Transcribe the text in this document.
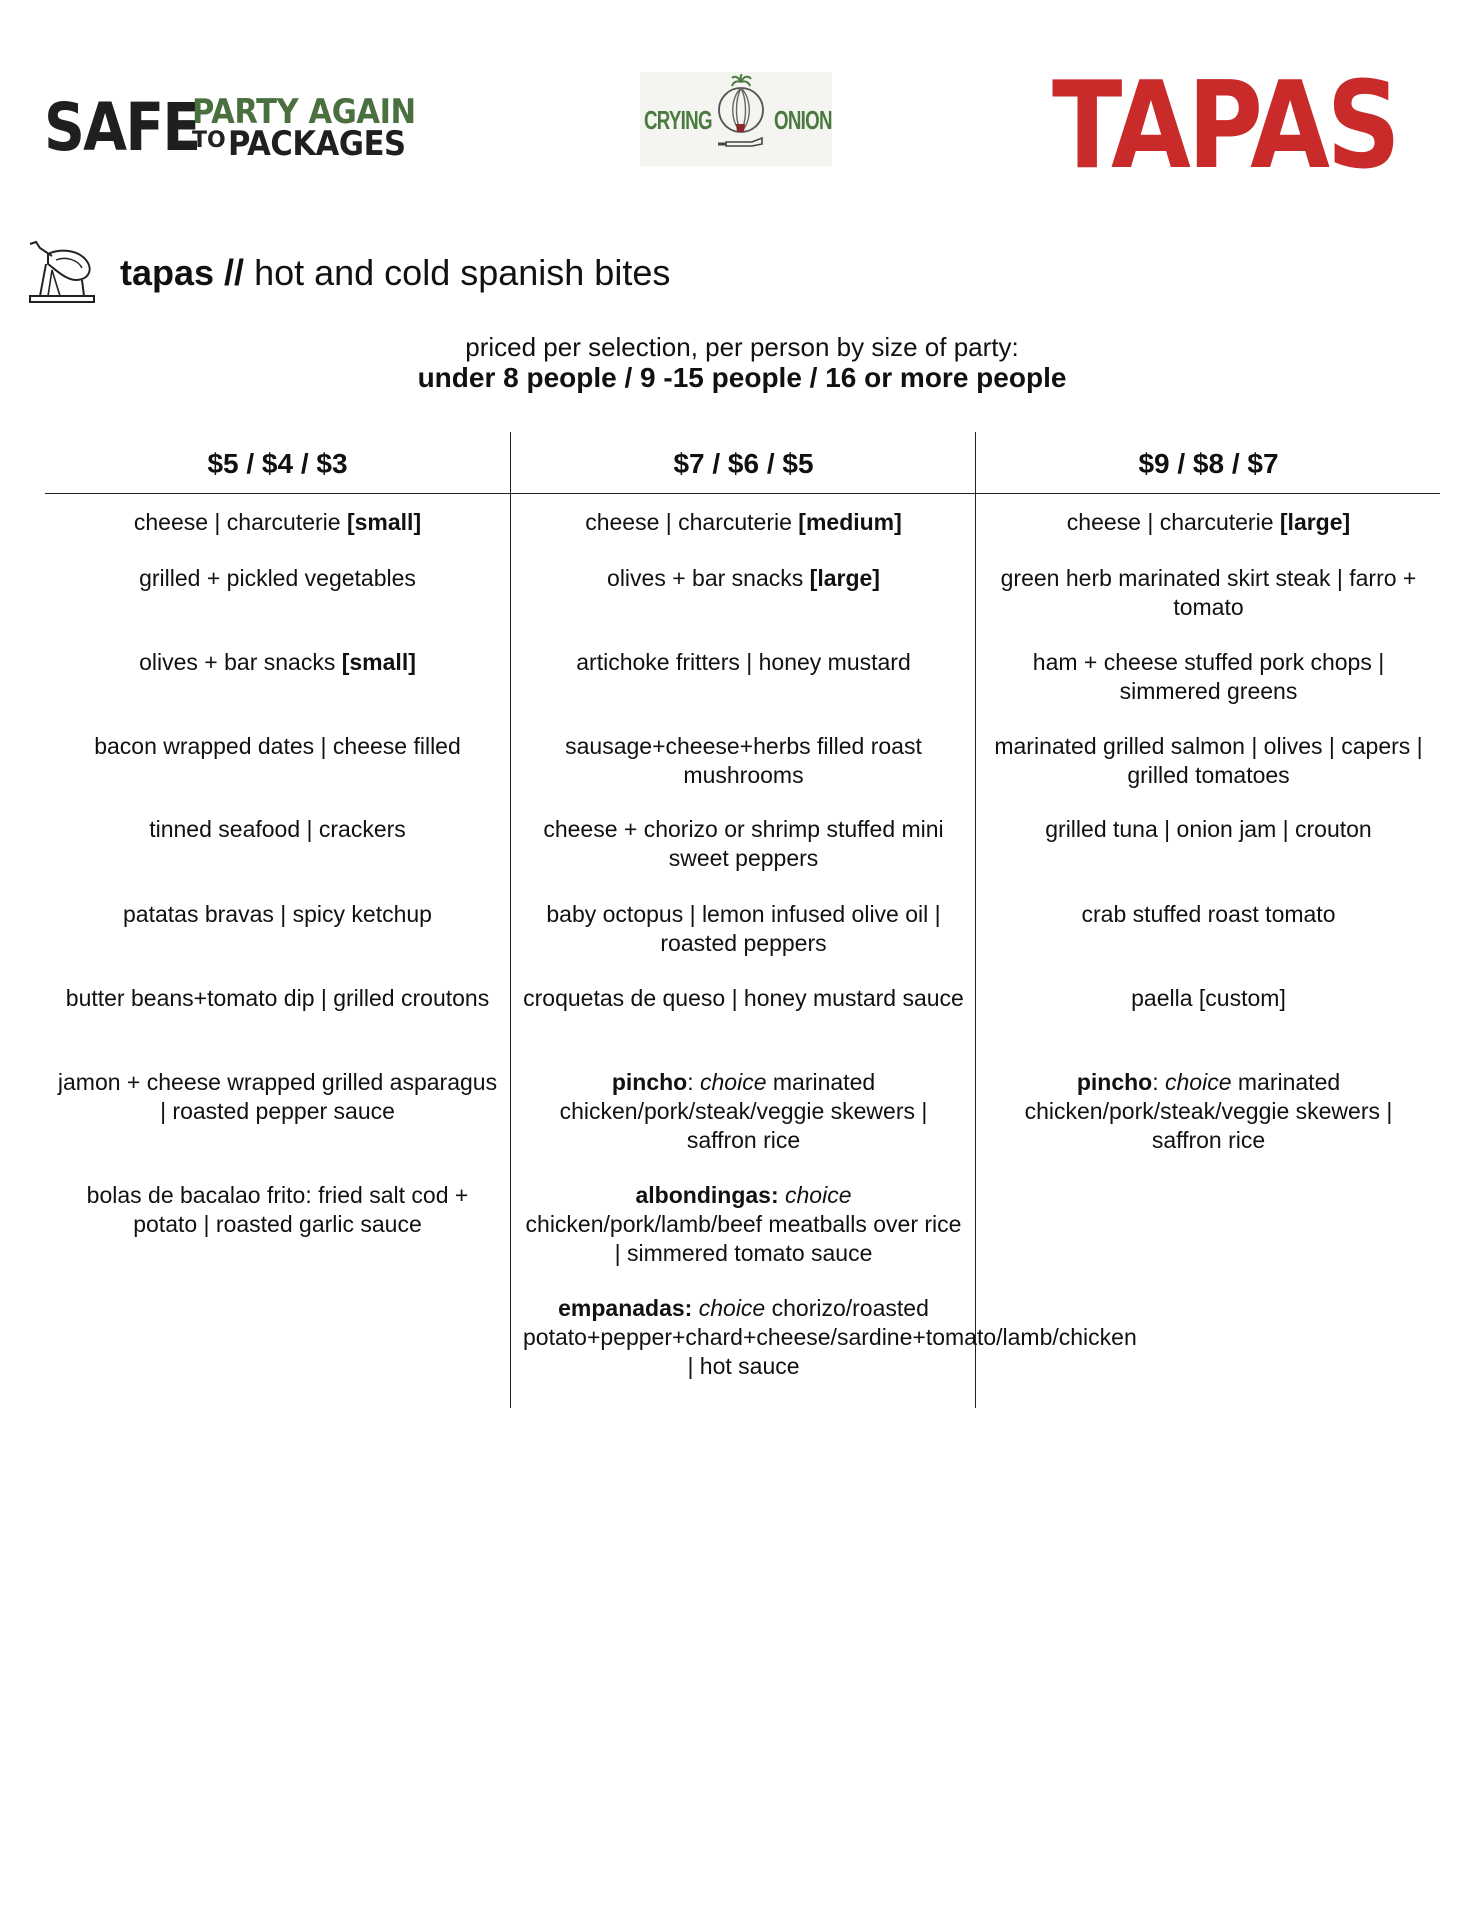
SAFE
PARTY AGAIN
TO PACKAGES
CRYING ONION TAPAS
tapas // hot and cold spanish bites
priced per selection, per person by size of party:
under 8 people / 9 -15 people / 16 or more people
$5 / $4 / $3
cheese | charcuterie [small]
grilled + pickled vegetables
olives + bar snacks [small]
bacon wrapped dates | cheese filled
tinned seafood | crackers
patatas bravas | spicy ketchup
butter beans+tomato dip | grilled croutons
jamon + cheese wrapped grilled asparagus | roasted pepper sauce
bolas de bacalao frito: fried salt cod + potato | roasted garlic sauce
$7 / $6 / $5
cheese | charcuterie [medium]
olives + bar snacks [large]
artichoke fritters | honey mustard
sausage+cheese+herbs filled roast mushrooms
cheese + chorizo or shrimp stuffed mini sweet peppers
baby octopus | lemon infused olive oil | roasted peppers
croquetas de queso | honey mustard sauce
pincho: choice marinated chicken/pork/steak/veggie skewers | saffron rice
albondingas: choice chicken/pork/lamb/beef meatballs over rice | simmered tomato sauce
empanadas: choice chorizo/roasted potato+pepper+chard+cheese/sardine+tomato/lamb/chicken | hot sauce
$9 / $8 / $7
cheese | charcuterie [large]
green herb marinated skirt steak | farro + tomato
ham + cheese stuffed pork chops | simmered greens
marinated grilled salmon | olives | capers | grilled tomatoes
grilled tuna | onion jam | crouton
crab stuffed roast tomato
paella [custom]
pincho: choice marinated chicken/pork/steak/veggie skewers | saffron rice
